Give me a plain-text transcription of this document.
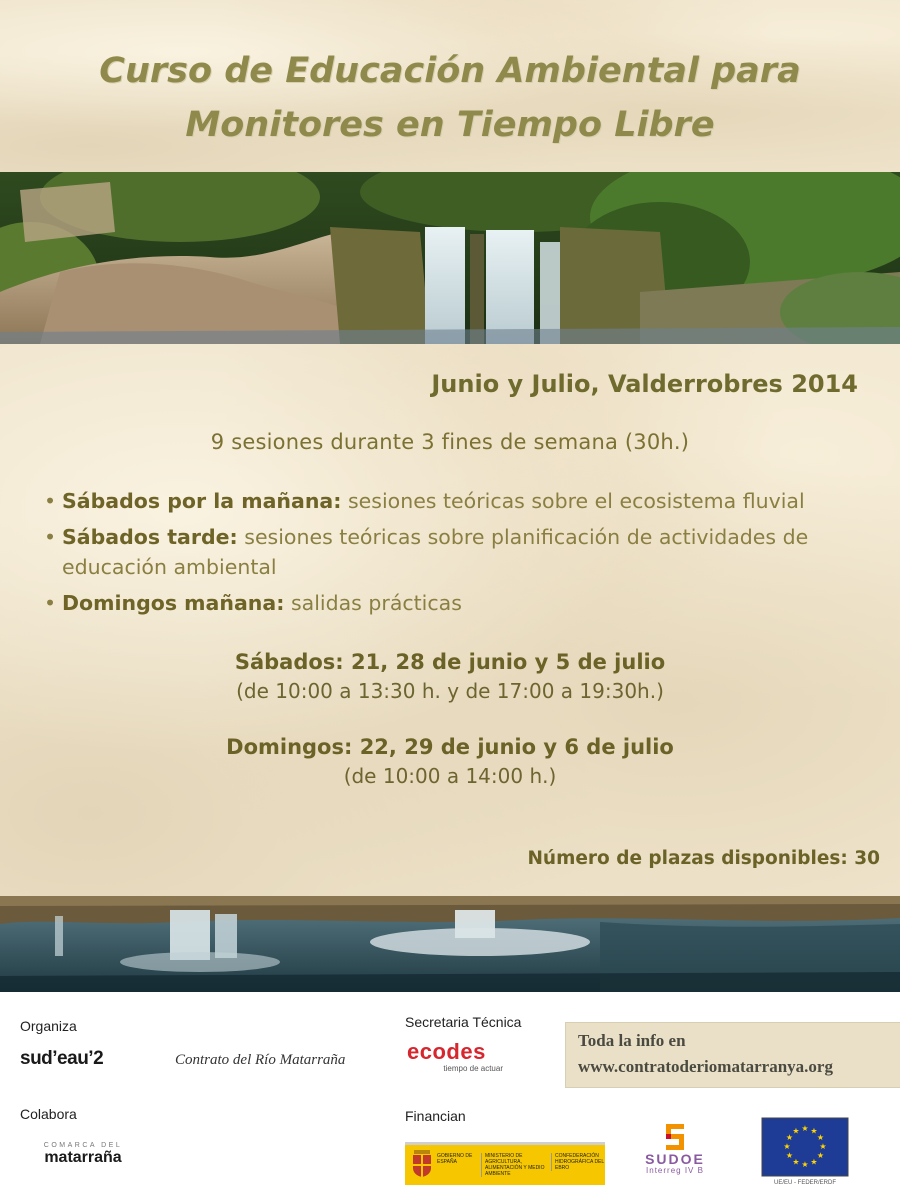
Curso de Educación Ambiental para
Monitores en Tiempo Libre
Junio y Julio, Valderrobres 2014

9 sesiones durante 3 fines de semana (30h.)

• Sábados por la mañana: sesiones teóricas sobre el ecosistema fluvial
• Sábados tarde: sesiones teóricas sobre planificación de actividades de educación ambiental
• Domingos mañana: salidas prácticas
Sábados: 21, 28 de junio y 5 de julio
(de 10:00 a 13:30 h. y de 17:00 a 19:30h.)
Domingos: 22, 29 de junio y 6 de julio
(de 10:00 a 14:00 h.)

Número de plazas disponibles: 30

Organiza	Secretaria Técnica
Colabora	Financian
sud’eau’2	Contrato del Río Matarraña	ecodes
tiempo de actuar
Toda la info en
www.contratoderiomatarranya.org
COMARCA DEL
matarraña	GOBIERNO DE ESPAÑA
MINISTERIO DE AGRICULTURA, ALIMENTACIÓN Y MEDIO AMBIENTE
CONFEDERACIÓN HIDROGRÁFICA DEL EBRO
SUDOE
Interreg IV B
★ ★
★
★
★
★
★
★
★
★
★
★
UE/EU - FEDER/ERDF
